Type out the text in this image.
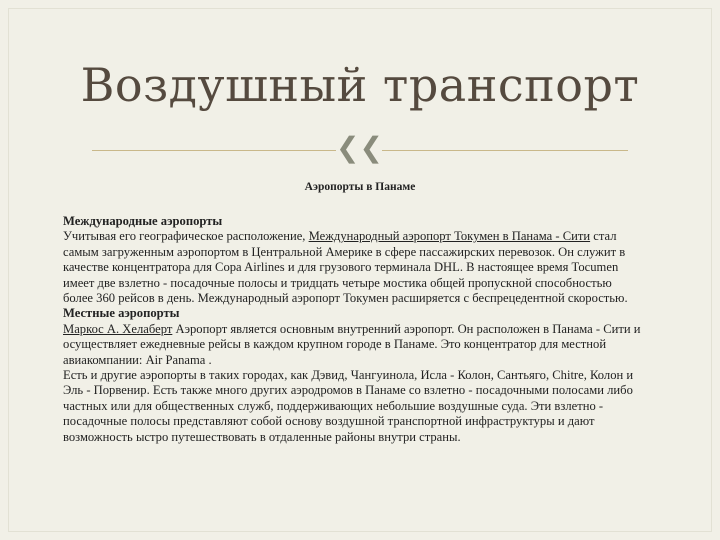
Воздушный транспорт
❮❮
Аэропорты в Панаме

Международные аэропорты

Учитывая его географическое расположение, Международный аэропорт Токумен в Панама - Сити стал самым загруженным аэропортом в Центральной Америке в сфере пассажирских перевозок. Он служит в качестве концентратора для Copa Airlines и для грузового терминала DHL. В настоящее время Tocumen имеет две взлетно - посадочные полосы и тридцать четыре мостика общей пропускной способностью более 360 рейсов в день. Международный аэропорт Токумен расширяется с беспрецедентной скоростью.

Местные аэропорты

Маркос А. Хелаберт Аэропорт является основным внутренний аэропорт. Он расположен в Панама - Сити и осуществляет ежедневные рейсы в каждом крупном городе в Панаме. Это концентратор для местной авиакомпании: Air Panama .

Есть и другие аэропорты в таких городах, как Дэвид, Чангуинола, Исла - Колон, Сантьяго, Chitre, Колон и Эль - Порвенир. Есть также много других аэродромов в Панаме со взлетно - посадочными полосами либо частных или для общественных служб, поддерживающих небольшие воздушные суда. Эти взлетно - посадочные полосы представляют собой основу воздушной транспортной инфраструктуры и дают возможность ыстро путешествовать в отдаленные районы внутри страны.
